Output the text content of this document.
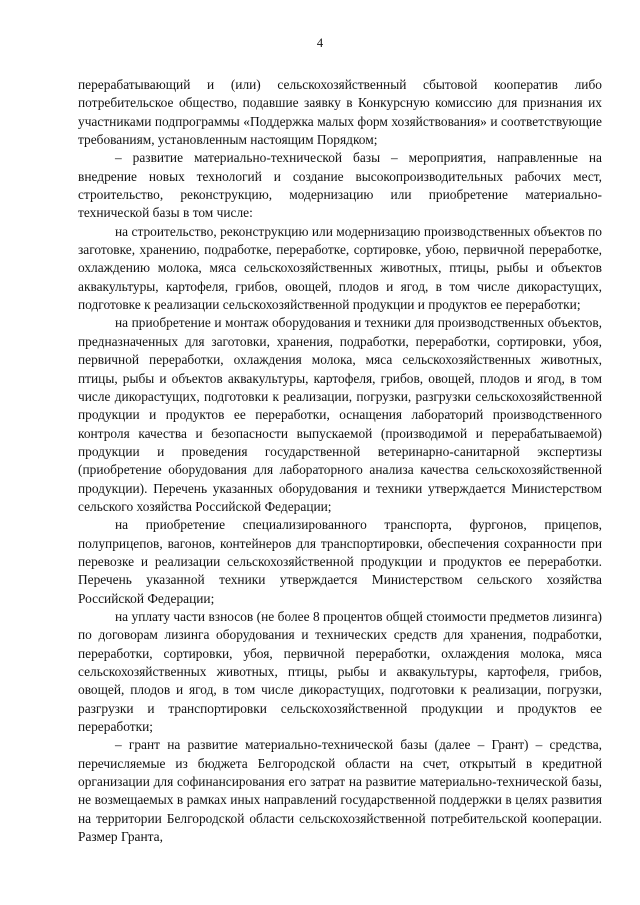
4

перерабатывающий и (или) сельскохозяйственный сбытовой кооператив либо потребительское общество, подавшие заявку в Конкурсную комиссию для признания их участниками подпрограммы «Поддержка малых форм хозяйствования» и соответствующие требованиям, установленным настоящим Порядком;

– развитие материально-технической базы – мероприятия, направленные на внедрение новых технологий и создание высокопроизводительных рабочих мест, строительство, реконструкцию, модернизацию или приобретение материально-технической базы в том числе:

на строительство, реконструкцию или модернизацию производственных объектов по заготовке, хранению, подработке, переработке, сортировке, убою, первичной переработке, охлаждению молока, мяса сельскохозяйственных животных, птицы, рыбы и объектов аквакультуры, картофеля, грибов, овощей, плодов и ягод, в том числе дикорастущих, подготовке к реализации сельскохозяйственной продукции и продуктов ее переработки;

на приобретение и монтаж оборудования и техники для производственных объектов, предназначенных для заготовки, хранения, подработки, переработки, сортировки, убоя, первичной переработки, охлаждения молока, мяса сельскохозяйственных животных, птицы, рыбы и объектов аквакультуры, картофеля, грибов, овощей, плодов и ягод, в том числе дикорастущих, подготовки к реализации, погрузки, разгрузки сельскохозяйственной продукции и продуктов ее переработки, оснащения лабораторий производственного контроля качества и безопасности выпускаемой (производимой и перерабатываемой) продукции и проведения государственной ветеринарно-санитарной экспертизы (приобретение оборудования для лабораторного анализа качества сельскохозяйственной продукции). Перечень указанных оборудования и техники утверждается Министерством сельского хозяйства Российской Федерации;

на приобретение специализированного транспорта, фургонов, прицепов, полуприцепов, вагонов, контейнеров для транспортировки, обеспечения сохранности при перевозке и реализации сельскохозяйственной продукции и продуктов ее переработки. Перечень указанной техники утверждается Министерством сельского хозяйства Российской Федерации;

на уплату части взносов (не более 8 процентов общей стоимости предметов лизинга) по договорам лизинга оборудования и технических средств для хранения, подработки, переработки, сортировки, убоя, первичной переработки, охлаждения молока, мяса сельскохозяйственных животных, птицы, рыбы и аквакультуры, картофеля, грибов, овощей, плодов и ягод, в том числе дикорастущих, подготовки к реализации, погрузки, разгрузки и транспортировки сельскохозяйственной продукции и продуктов ее переработки;

– грант на развитие материально-технической базы (далее – Грант) – средства, перечисляемые из бюджета Белгородской области на счет, открытый в кредитной организации для софинансирования его затрат на развитие материально-технической базы, не возмещаемых в рамках иных направлений государственной поддержки в целях развития на территории Белгородской области сельскохозяйственной потребительской кооперации. Размер Гранта,
